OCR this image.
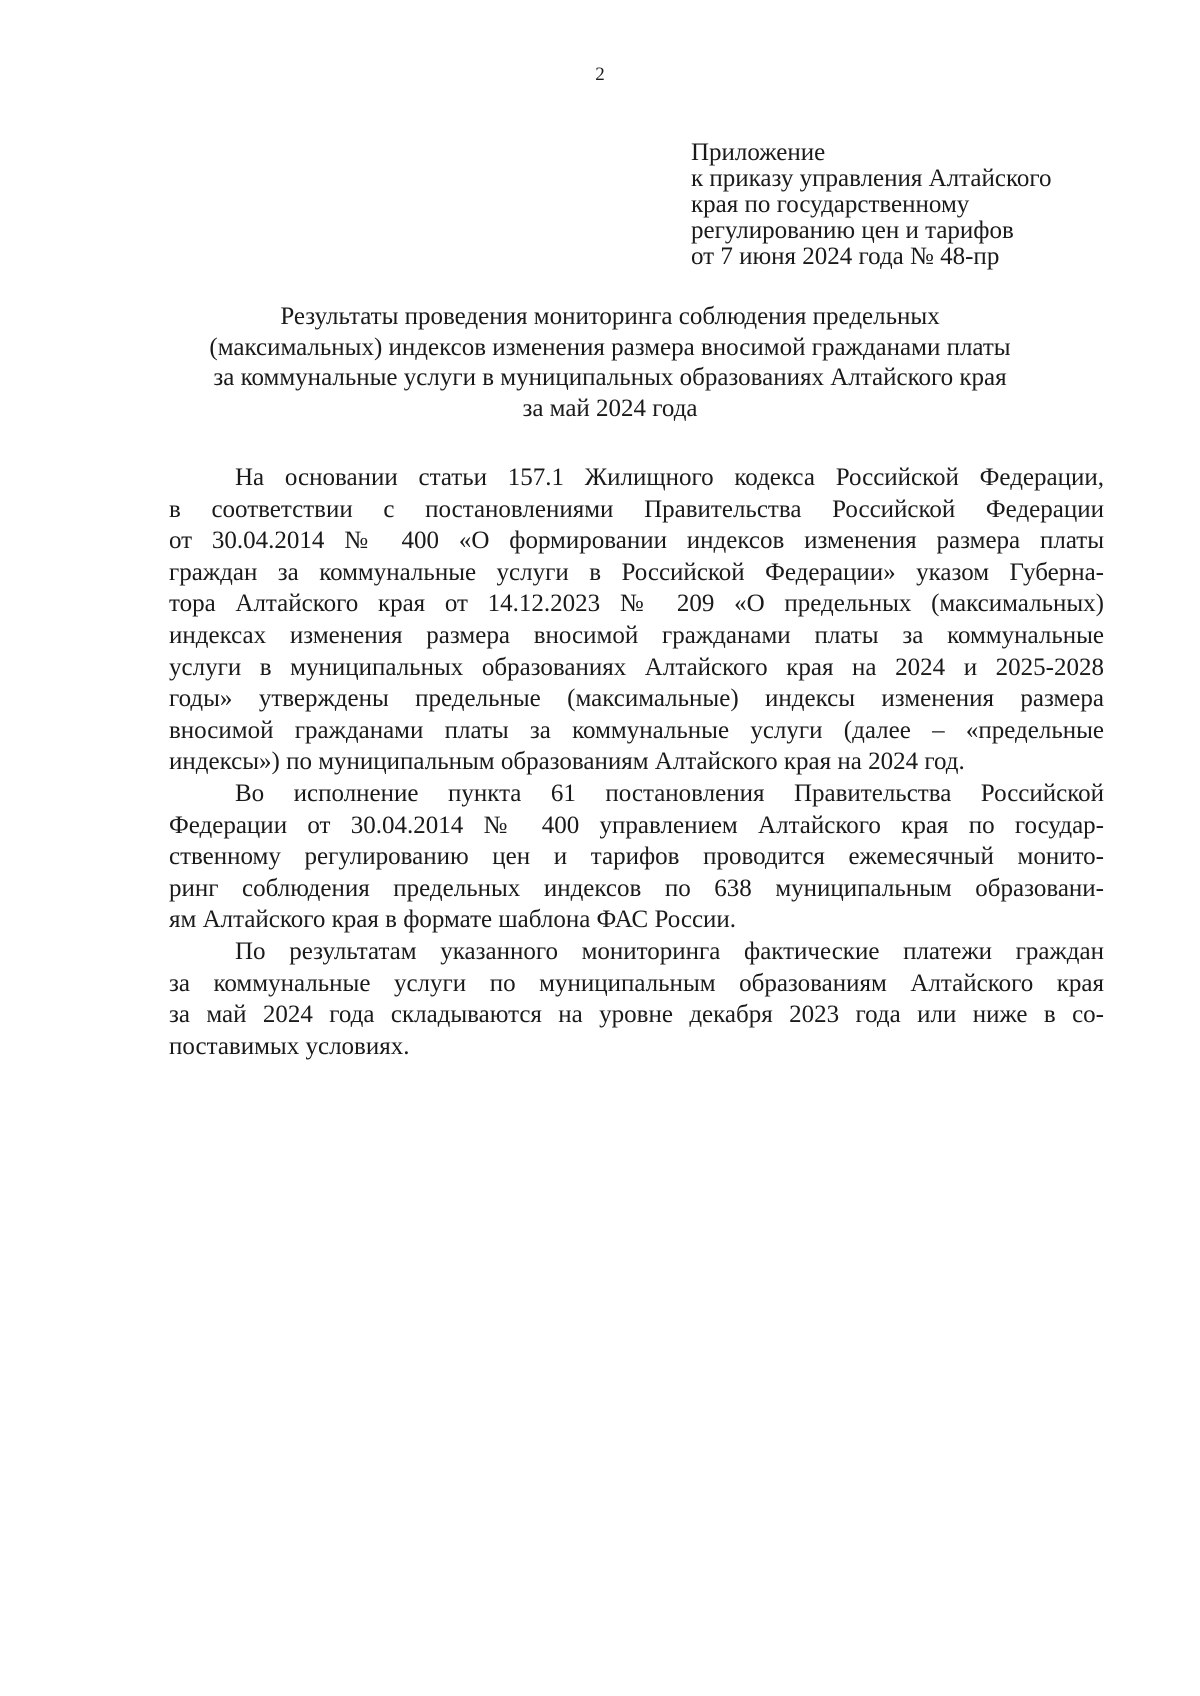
2
Приложение
к приказу управления Алтайского
края по государственному
регулированию цен и тарифов
от 7 июня 2024 года № 48-пр
Результаты проведения мониторинга соблюдения предельных
(максимальных) индексов изменения размера вносимой гражданами платы
за коммунальные услуги в муниципальных образованиях Алтайского края
за май 2024 года
На основании статьи 157.1 Жилищного кодекса Российской Федерации,
в соответствии с постановлениями Правительства Российской Федерации
от 30.04.2014 № 400 «О формировании индексов изменения размера платы
граждан за коммунальные услуги в Российской Федерации» указом Губерна-
тора Алтайского края от 14.12.2023 № 209 «О предельных (максимальных)
индексах изменения размера вносимой гражданами платы за коммунальные
услуги в муниципальных образованиях Алтайского края на 2024 и 2025-2028
годы» утверждены предельные (максимальные) индексы изменения размера
вносимой гражданами платы за коммунальные услуги (далее – «предельные
индексы») по муниципальным образованиям Алтайского края на 2024 год.
Во исполнение пункта 61 постановления Правительства Российской
Федерации от 30.04.2014 № 400 управлением Алтайского края по государ-
ственному регулированию цен и тарифов проводится ежемесячный монито-
ринг соблюдения предельных индексов по 638 муниципальным образовани-
ям Алтайского края в формате шаблона ФАС России.
По результатам указанного мониторинга фактические платежи граждан
за коммунальные услуги по муниципальным образованиям Алтайского края
за май 2024 года складываются на уровне декабря 2023 года или ниже в со-
поставимых условиях.
